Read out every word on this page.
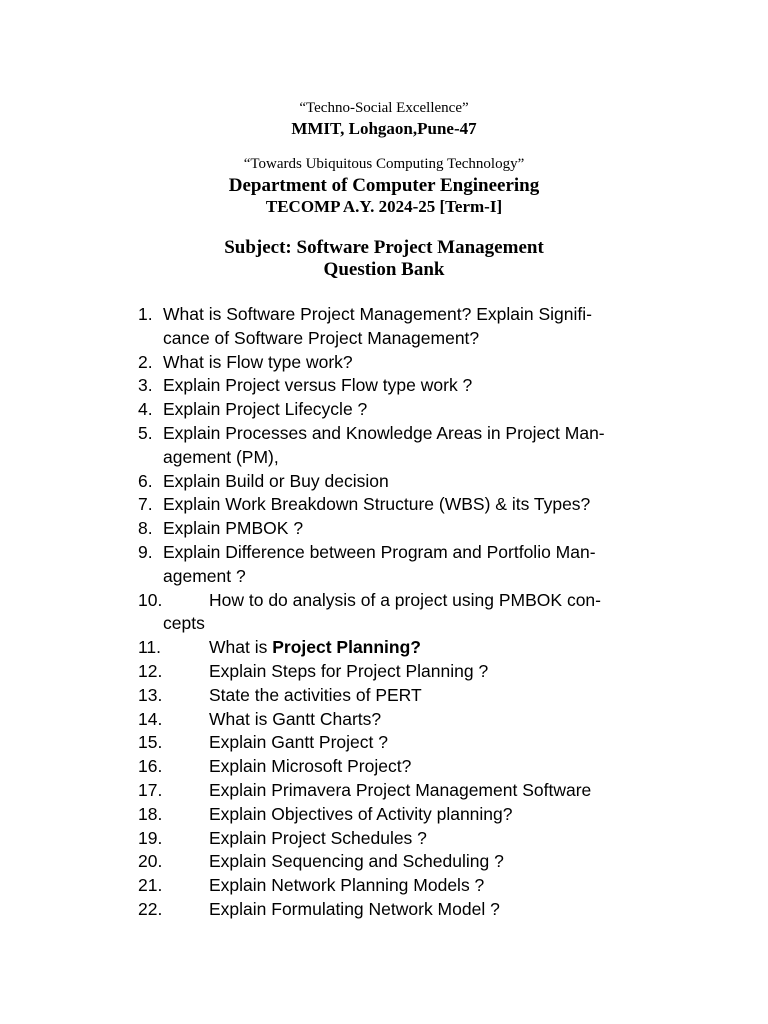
“Techno-Social Excellence”
MMIT, Lohgaon,Pune-47
“Towards Ubiquitous Computing Technology”
Department of Computer Engineering
TECOMP A.Y. 2024-25 [Term-I]
Subject: Software Project Management
Question Bank
1. What is Software Project Management? Explain Signifi-
cance of Software Project Management?
2. What is Flow type work?
3. Explain Project versus Flow type work ?
4. Explain Project Lifecycle ?
5. Explain Processes and Knowledge Areas in Project Man-
agement (PM),
6. Explain Build or Buy decision
7. Explain Work Breakdown Structure (WBS) & its Types?
8. Explain PMBOK ?
9. Explain Difference between Program and Portfolio Man-
agement ?
10.	How to do analysis of a project using PMBOK con-
cepts
11.	What is Project Planning?
12.	Explain Steps for Project Planning ?
13.	State the activities of PERT
14.	What is Gantt Charts?
15.	Explain Gantt Project ?
16.	Explain Microsoft Project?
17.	Explain Primavera Project Management Software
18.	Explain Objectives of Activity planning?
19.	Explain Project Schedules ?
20.	Explain Sequencing and Scheduling ?
21.	Explain Network Planning Models ?
22.	Explain Formulating Network Model ?
